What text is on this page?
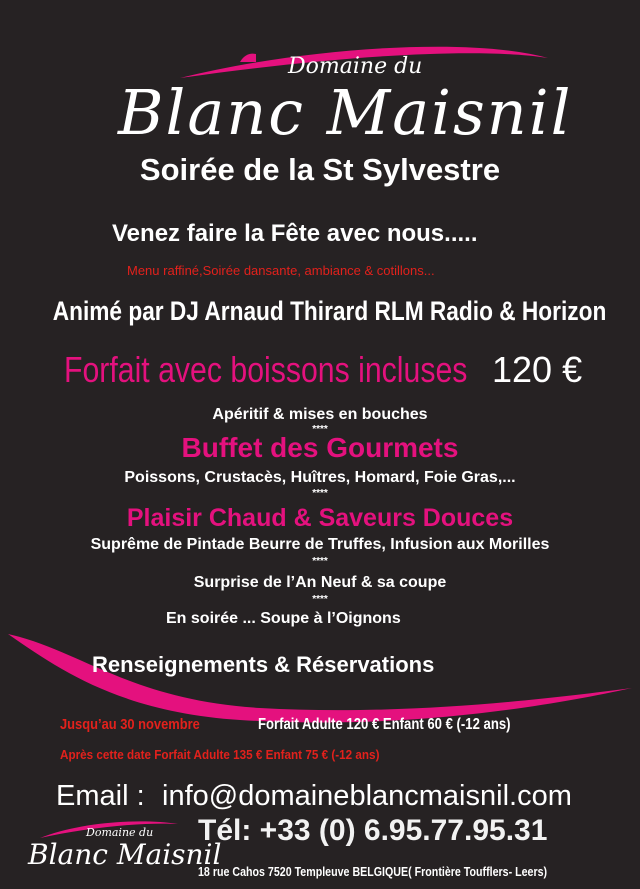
Domaine du
Blanc Maisnil
Soirée de la St Sylvestre
Venez faire la Fête avec nous.....
Menu raffiné,Soirée dansante, ambiance & cotillons...
Animé par DJ Arnaud Thirard RLM Radio & Horizon
Forfait avec boissons incluses 120 €
Apéritif & mises en bouches
****
Buffet des Gourmets
Poissons, Crustacès, Huîtres, Homard, Foie Gras,...
****
Plaisir Chaud & Saveurs Douces
Suprême de Pintade Beurre de Truffes, Infusion aux Morilles
****
Surprise de l’An Neuf & sa coupe
****
En soirée ... Soupe à l’Oignons
Renseignements & Réservations
Jusqu’au 30 novembre	Forfait Adulte 120 € Enfant 60 € (-12 ans)
Après cette date Forfait Adulte 135 € Enfant 75 € (-12 ans)
Email : info@domaineblancmaisnil.com
Tél: +33 (0) 6.95.77.95.31
18 rue Cahos 7520 Templeuve BELGIQUE( Frontière Toufflers- Leers)
Domaine du
Blanc Maisnil
